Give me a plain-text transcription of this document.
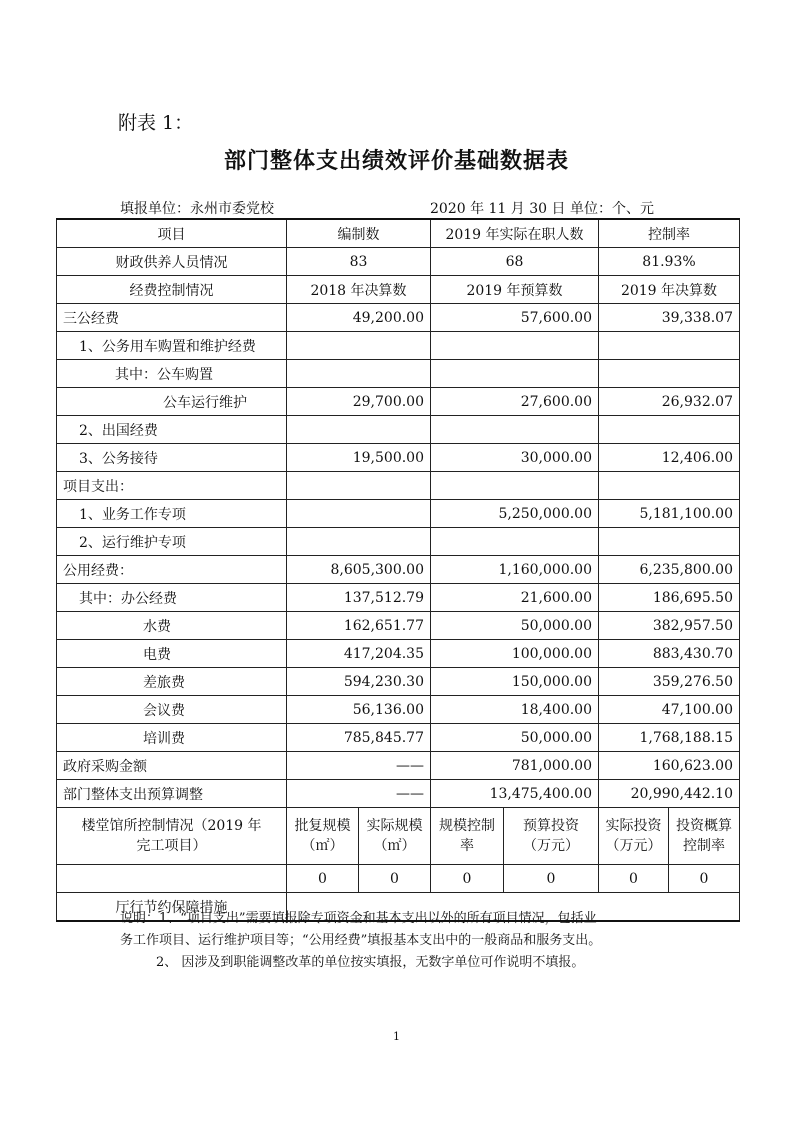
附表 1：
部门整体支出绩效评价基础数据表
填报单位：永州市委党校	2020 年 11 月 30 日 单位：个、元
项目	编制数		2019 年实际在职人数		控制率	
财政供养人员情况	83		68		81.93%	
经费控制情况	2018 年决算数		2019 年预算数		2019 年决算数	
三公经费	49,200.00		57,600.00		39,338.07	
1、公务用车购置和维护经费						
其中：公车购置						
公车运行维护	29,700.00		27,600.00		26,932.07	
2、出国经费						
3、公务接待	19,500.00		30,000.00		12,406.00	
项目支出：						
1、业务工作专项			5,250,000.00		5,181,100.00	
2、运行维护专项						
公用经费：	8,605,300.00		1,160,000.00		6,235,800.00	
其中：办公经费	137,512.79		21,600.00		186,695.50	
水费	162,651.77		50,000.00		382,957.50	
电费	417,204.35		100,000.00		883,430.70	
差旅费	594,230.30		150,000.00		359,276.50	
会议费	56,136.00		18,400.00		47,100.00	
培训费	785,845.77		50,000.00		1,768,188.15	
政府采购金额	——		781,000.00		160,623.00	
部门整体支出预算调整	——		13,475,400.00		20,990,442.10	
楼堂馆所控制情况（2019 年完工项目）	批复规模（㎡）	实际规模（㎡）	规模控制率	预算投资（万元）	实际投资（万元）	投资概算控制率
	0	0	0	0	0	0
厅行节约保障措施						
说明：1、“项目支出”需要填报除专项资金和基本支出以外的所有项目情况，包括业
务工作项目、运行维护项目等；“公用经费”填报基本支出中的一般商品和服务支出。
2、 因涉及到职能调整改革的单位按实填报，无数字单位可作说明不填报。
1
